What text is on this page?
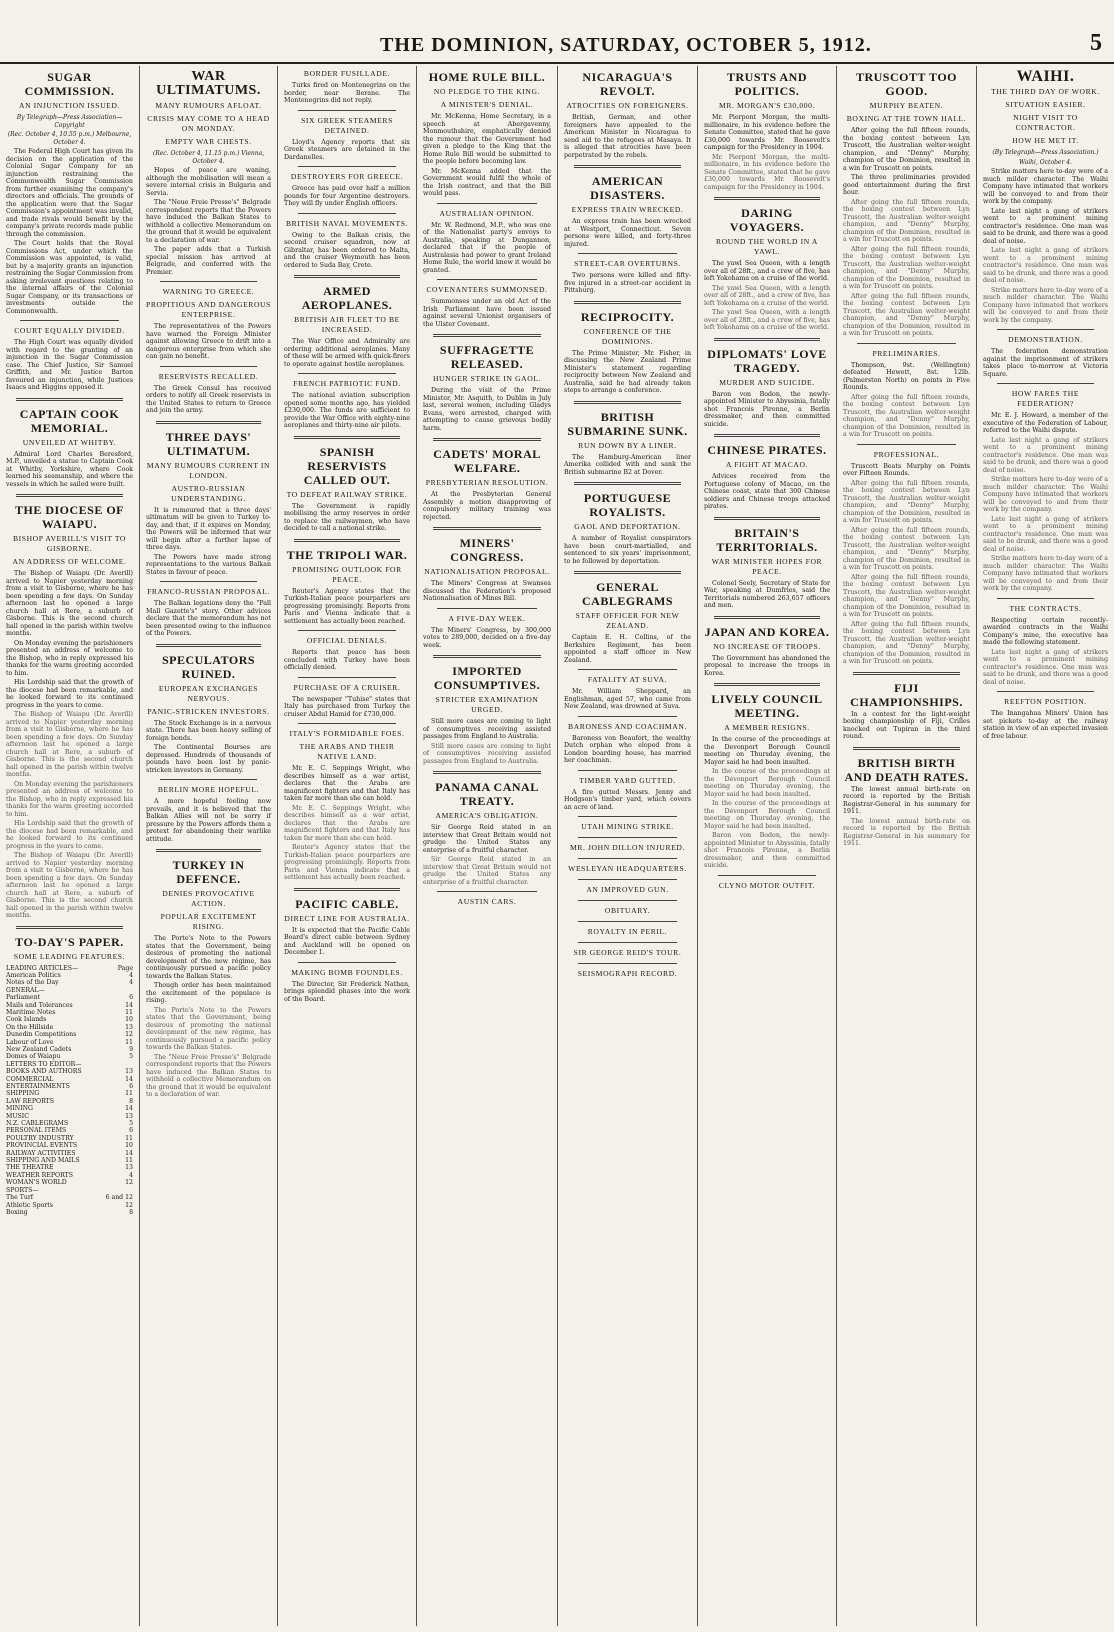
THE DOMINION, SATURDAY, OCTOBER 5, 1912.	5
SUGAR COMMISSION.
AN INJUNCTION ISSUED.
By Telegraph—Press Association—Copyright
(Rec. October 4, 10.55 p.m.) Melbourne, October 4.

The Federal High Court has given its decision on the application of the Colonial Sugar Company for an injunction restraining the Commonwealth Sugar Commission from further examining the company's directors and officials. The grounds of the application were that the Sugar Commission's appointment was invalid, and trade rivals would benefit by the company's private records made public through the commission.

The Court holds that the Royal Commissions Act, under which the Commission was appointed, is valid, but by a majority grants an injunction restraining the Sugar Commission from asking irrelevant questions relating to the internal affairs of the Colonial Sugar Company, or its transactions or investments outside the Commonwealth.

COURT EQUALLY DIVIDED.

The High Court was equally divided with regard to the granting of an injunction in the Sugar Commission case. The Chief Justice, Sir Samuel Griffith, and Mr. Justice Barton favoured an injunction, while Justices Isaacs and Higgins opposed it.

CAPTAIN COOK MEMORIAL.
UNVEILED AT WHITBY.

Admiral Lord Charles Beresford, M.P., unveiled a statue to Captain Cook at Whitby, Yorkshire, where Cook learned his seamanship, and where the vessels in which he sailed were built.

THE DIOCESE OF WAIAPU.
BISHOP AVERILL'S VISIT TO GISBORNE.
AN ADDRESS OF WELCOME.

The Bishop of Waiapu (Dr. Averill) arrived to Napier yesterday morning from a visit to Gisborne, where he has been spending a few days. On Sunday afternoon last he opened a large church hall at Rere, a suburb of Gisborne. This is the second church hall opened in the parish within twelve months.

On Monday evening the parishioners presented an address of welcome to the Bishop, who in reply expressed his thanks for the warm greeting accorded to him.

His Lordship said that the growth of the diocese had been remarkable, and he looked forward to its continued progress in the years to come.

The Bishop of Waiapu (Dr. Averill) arrived to Napier yesterday morning from a visit to Gisborne, where he has been spending a few days. On Sunday afternoon last he opened a large church hall at Rere, a suburb of Gisborne. This is the second church hall opened in the parish within twelve months.

On Monday evening the parishioners presented an address of welcome to the Bishop, who in reply expressed his thanks for the warm greeting accorded to him.

His Lordship said that the growth of the diocese had been remarkable, and he looked forward to its continued progress in the years to come.

The Bishop of Waiapu (Dr. Averill) arrived to Napier yesterday morning from a visit to Gisborne, where he has been spending a few days. On Sunday afternoon last he opened a large church hall at Rere, a suburb of Gisborne. This is the second church hall opened in the parish within twelve months.

TO-DAY'S PAPER.
SOME LEADING FEATURES.
LEADING ARTICLES—	Page
American Politics	4
Notes of the Day	4
GENERAL—
Parliament	6
Mails and Tolerances	14
Maritime Notes	11
Cook Islands	10
On the Hillside	13
Dunedin Competitions	12
Labour of Love	11
New Zealand Cadets	9
Domes of Waiapu	5
LETTERS TO EDITOR—
BOOKS AND AUTHORS	13
COMMERCIAL	14
ENTERTAINMENTS	6
SHIPPING	11
LAW REPORTS	8
MINING	14
MUSIC	13
N.Z. CABLEGRAMS	5
PERSONAL ITEMS	6
POULTRY INDUSTRY	11
PROVINCIAL EVENTS	10
RAILWAY ACTIVITIES	14
SHIPPING AND MAILS	11
THE THEATRE	13
WEATHER REPORTS	4
WOMAN'S WORLD	12
SPORTS—
The Turf	6 and 12
Athletic Sports	12
Boxing	8
WAR ULTIMATUMS.
MANY RUMOURS AFLOAT.
CRISIS MAY COME TO A HEAD ON MONDAY.
EMPTY WAR CHESTS.
(Rec. October 4, 11.15 p.m.) Vienna, October 4.

Hopes of peace are waning, although the mobilisation will mean a severe internal crisis in Bulgaria and Servia.

The "Neue Freie Presse's" Belgrade correspondent reports that the Powers have induced the Balkan States to withhold a collective Memorandum on the ground that it would be equivalent to a declaration of war.

The paper adds that a Turkish special mission has arrived at Belgrade, and conferred with the Premier.

WARNING TO GREECE.
PROPITIOUS AND DANGEROUS ENTERPRISE.

The representatives of the Powers have warned the Foreign Minister against allowing Greece to drift into a dangerous enterprise from which she can gain no benefit.

RESERVISTS RECALLED.

The Greek Consul has received orders to notify all Greek reservists in the United States to return to Greece and join the army.

THREE DAYS' ULTIMATUM.
MANY RUMOURS CURRENT IN LONDON.
AUSTRO-RUSSIAN UNDERSTANDING.

It is rumoured that a three days' ultimatum will be given to Turkey to-day, and that, if it expires on Monday, the Powers will be informed that war will begin after a further lapse of three days.

The Powers have made strong representations to the various Balkan States in favour of peace.

FRANCO-RUSSIAN PROPOSAL.

The Balkan legations deny the "Pall Mall Gazette's" story. Other advices declare that the memorandum has not been presented owing to the influence of the Powers.

SPECULATORS RUINED.
EUROPEAN EXCHANGES NERVOUS.
PANIC-STRICKEN INVESTORS.

The Stock Exchange is in a nervous state. There has been heavy selling of foreign bonds.

The Continental Bourses are depressed. Hundreds of thousands of pounds have been lost by panic-stricken investors in Germany.

BERLIN MORE HOPEFUL.

A more hopeful feeling now prevails, and it is believed that the Balkan Allies will not be sorry if pressure by the Powers affords them a pretext for abandoning their warlike attitude.

TURKEY IN DEFENCE.
DENIES PROVOCATIVE ACTION.
POPULAR EXCITEMENT RISING.

The Porte's Note to the Powers states that the Government, being desirous of promoting the national development of the new régime, has continuously pursued a pacific policy towards the Balkan States.

Though order has been maintained the excitement of the populace is rising.

The Porte's Note to the Powers states that the Government, being desirous of promoting the national development of the new régime, has continuously pursued a pacific policy towards the Balkan States.

The "Neue Freie Presse's" Belgrade correspondent reports that the Powers have induced the Balkan States to withhold a collective Memorandum on the ground that it would be equivalent to a declaration of war.

BORDER FUSILLADE.

Turks fired on Montenegrins on the border, near Berane. The Montenegrins did not reply.

SIX GREEK STEAMERS DETAINED.

Lloyd's Agency reports that six Greek steamers are detained in the Dardanelles.

DESTROYERS FOR GREECE.

Greece has paid over half a million pounds for four Argentine destroyers. They will fly under English officers.

BRITISH NAVAL MOVEMENTS.

Owing to the Balkan crisis, the second cruiser squadron, now at Gibraltar, has been ordered to Malta, and the cruiser Weymouth has been ordered to Suda Bay, Crete.

ARMED AEROPLANES.
BRITISH AIR FLEET TO BE INCREASED.

The War Office and Admiralty are ordering additional aeroplanes. Many of these will be armed with quick-firers to operate against hostile aeroplanes.

FRENCH PATRIOTIC FUND.

The national aviation subscription opened some months ago, has yielded £230,000. The funds are sufficient to provide the War Office with eighty-nine aeroplanes and thirty-nine air pilots.

SPANISH RESERVISTS CALLED OUT.
TO DEFEAT RAILWAY STRIKE.

The Government is rapidly mobilising the army reserves in order to replace the railwaymen, who have decided to call a national strike.

THE TRIPOLI WAR.
PROMISING OUTLOOK FOR PEACE.

Reuter's Agency states that the Turkish-Italian peace pourparlers are progressing promisingly. Reports from Paris and Vienna indicate that a settlement has actually been reached.

OFFICIAL DENIALS.

Reports that peace has been concluded with Turkey have been officially denied.

PURCHASE OF A CRUISER.

The newspaper "Tuhise" states that Italy has purchased from Turkey the cruiser Abdul Hamid for £730,000.

ITALY'S FORMIDABLE FOES.
THE ARABS AND THEIR NATIVE LAND.

Mr. E. C. Seppings Wright, who describes himself as a war artist, declares that the Arabs are magnificent fighters and that Italy has taken far more than she can hold.

Mr. E. C. Seppings Wright, who describes himself as a war artist, declares that the Arabs are magnificent fighters and that Italy has taken far more than she can hold.

Reuter's Agency states that the Turkish-Italian peace pourparlers are progressing promisingly. Reports from Paris and Vienna indicate that a settlement has actually been reached.

PACIFIC CABLE.
DIRECT LINE FOR AUSTRALIA.

It is expected that the Pacific Cable Board's direct cable between Sydney and Auckland will be opened on December 1.

MAKING BOMB FOUNDLES.

The Director, Sir Frederick Nathan, brings splendid phases into the work of the Board.

HOME RULE BILL.
NO PLEDGE TO THE KING.
A MINISTER'S DENIAL.

Mr. McKenna, Home Secretary, in a speech at Abergavenny, Monmouthshire, emphatically denied the rumour that the Government had given a pledge to the King that the Home Rule Bill would be submitted to the people before becoming law.

Mr. McKenna added that the Government would fulfil the whole of the Irish contract, and that the Bill would pass.

AUSTRALIAN OPINION.

Mr. W. Redmond, M.P., who was one of the Nationalist party's envoys to Australia, speaking at Dungannon, declared that if the people of Australasia had power to grant Ireland Home Rule, the world knew it would be granted.

COVENANTERS SUMMONSED.

Summonses under an old Act of the Irish Parliament have been issued against several Unionist organisers of the Ulster Covenant.

SUFFRAGETTE RELEASED.
HUNGER STRIKE IN GAOL.

During the visit of the Prime Minister, Mr. Asquith, to Dublin in July last, several women, including Gladys Evans, were arrested, charged with attempting to cause grievous bodily harm.

CADETS' MORAL WELFARE.
PRESBYTERIAN RESOLUTION.

At the Presbyterian General Assembly a motion disapproving of compulsory military training was rejected.

MINERS' CONGRESS.
NATIONALISATION PROPOSAL.

The Miners' Congress at Swansea discussed the Federation's proposed Nationalisation of Mines Bill.

A FIVE-DAY WEEK.

The Miners' Congress, by 300,000 votes to 289,000, decided on a five-day week.

IMPORTED CONSUMPTIVES.
STRICTER EXAMINATION URGED.

Still more cases are coming to light of consumptives receiving assisted passages from England to Australia.

Still more cases are coming to light of consumptives receiving assisted passages from England to Australia.

PANAMA CANAL TREATY.
AMERICA'S OBLIGATION.

Sir George Reid stated in an interview that Great Britain would not grudge the United States any enterprise of a fruitful character.

Sir George Reid stated in an interview that Great Britain would not grudge the United States any enterprise of a fruitful character.

AUSTIN CARS.
NICARAGUA'S REVOLT.
ATROCITIES ON FOREIGNERS.

British, German, and other foreigners have appealed to the American Minister in Nicaragua to send aid to the refugees at Masaya. It is alleged that atrocities have been perpetrated by the rebels.

AMERICAN DISASTERS.
EXPRESS TRAIN WRECKED.

An express train has been wrecked at Westport, Connecticut. Seven persons were killed, and forty-three injured.

STREET-CAR OVERTURNS.

Two persons were killed and fifty-five injured in a street-car accident in Pittsburg.

RECIPROCITY.
CONFERENCE OF THE DOMINIONS.

The Prime Minister, Mr. Fisher, in discussing the New Zealand Prime Minister's statement regarding reciprocity between New Zealand and Australia, said he had already taken steps to arrange a conference.

BRITISH SUBMARINE SUNK.
RUN DOWN BY A LINER.

The Hamburg-American liner Amerika collided with and sank the British submarine B2 at Dover.

PORTUGUESE ROYALISTS.
GAOL AND DEPORTATION.

A number of Royalist conspirators have been court-martialled, and sentenced to six years' imprisonment, to be followed by deportation.

GENERAL CABLEGRAMS
STAFF OFFICER FOR NEW ZEALAND.

Captain E. H. Collins, of the Berkshire Regiment, has been appointed a staff officer in New Zealand.

FATALITY AT SUVA.

Mr. William Sheppard, an Englishman, aged 57, who came from New Zealand, was drowned at Suva.

BARONESS AND COACHMAN.

Baroness von Beaufort, the wealthy Dutch orphan who eloped from a London boarding house, has married her coachman.

TIMBER YARD GUTTED.

A fire gutted Messrs. Jenny and Hodgson's timber yard, which covers an acre of land.

UTAH MINING STRIKE.
MR. JOHN DILLON INJURED.
WESLEYAN HEADQUARTERS.
AN IMPROVED GUN.
OBITUARY.
ROYALTY IN PERIL.
SIR GEORGE REID'S TOUR.
SEISMOGRAPH RECORD.
TRUSTS AND POLITICS.
MR. MORGAN'S £30,000.

Mr. Pierpont Morgan, the multi-millionaire, in his evidence before the Senate Committee, stated that he gave £30,000 towards Mr. Roosevelt's campaign for the Presidency in 1904.

Mr. Pierpont Morgan, the multi-millionaire, in his evidence before the Senate Committee, stated that he gave £30,000 towards Mr. Roosevelt's campaign for the Presidency in 1904.

DARING VOYAGERS.
ROUND THE WORLD IN A YAWL.

The yawl Sea Queen, with a length over all of 28ft., and a crew of five, has left Yokohama on a cruise of the world.

The yawl Sea Queen, with a length over all of 28ft., and a crew of five, has left Yokohama on a cruise of the world.

The yawl Sea Queen, with a length over all of 28ft., and a crew of five, has left Yokohama on a cruise of the world.

DIPLOMATS' LOVE TRAGEDY.
MURDER AND SUICIDE.

Baron von Bodon, the newly-appointed Minister to Abyssinia, fatally shot Francois Pirenne, a Berlin dressmaker, and then committed suicide.

CHINESE PIRATES.
A FIGHT AT MACAO.

Advices received from the Portuguese colony of Macao, on the Chinese coast, state that 300 Chinese soldiers and Chinese troops attacked pirates.

BRITAIN'S TERRITORIALS.
WAR MINISTER HOPES FOR PEACE.

Colonel Seely, Secretary of State for War, speaking at Dumfries, said the Territorials numbered 263,657 officers and men.

JAPAN AND KOREA.
NO INCREASE OF TROOPS.

The Government has abandoned the proposal to increase the troops in Korea.

LIVELY COUNCIL MEETING.
A MEMBER RESIGNS.

In the course of the proceedings at the Devonport Borough Council meeting on Thursday evening, the Mayor said he had been insulted.

In the course of the proceedings at the Devonport Borough Council meeting on Thursday evening, the Mayor said he had been insulted.

In the course of the proceedings at the Devonport Borough Council meeting on Thursday evening, the Mayor said he had been insulted.

Baron von Bodon, the newly-appointed Minister to Abyssinia, fatally shot Francois Pirenne, a Berlin dressmaker, and then committed suicide.

CLYNO MOTOR OUTFIT.
TRUSCOTT TOO GOOD.
MURPHY BEATEN.
BOXING AT THE TOWN HALL.

After going the full fifteen rounds, the boxing contest between Lyn Truscott, the Australian welter-weight champion, and "Denny" Murphy, champion of the Dominion, resulted in a win for Truscott on points.

The three preliminaries provided good entertainment during the first hour.

After going the full fifteen rounds, the boxing contest between Lyn Truscott, the Australian welter-weight champion, and "Denny" Murphy, champion of the Dominion, resulted in a win for Truscott on points.

After going the full fifteen rounds, the boxing contest between Lyn Truscott, the Australian welter-weight champion, and "Denny" Murphy, champion of the Dominion, resulted in a win for Truscott on points.

After going the full fifteen rounds, the boxing contest between Lyn Truscott, the Australian welter-weight champion, and "Denny" Murphy, champion of the Dominion, resulted in a win for Truscott on points.

PRELIMINARIES.

Thompson, 9st. (Wellington) defeated Hewett, 8st. 12lb. (Palmerston North) on points in Five Rounds.

After going the full fifteen rounds, the boxing contest between Lyn Truscott, the Australian welter-weight champion, and "Denny" Murphy, champion of the Dominion, resulted in a win for Truscott on points.

PROFESSIONAL.

Truscott Beats Murphy on Points over Fifteen Rounds.

After going the full fifteen rounds, the boxing contest between Lyn Truscott, the Australian welter-weight champion, and "Denny" Murphy, champion of the Dominion, resulted in a win for Truscott on points.

After going the full fifteen rounds, the boxing contest between Lyn Truscott, the Australian welter-weight champion, and "Denny" Murphy, champion of the Dominion, resulted in a win for Truscott on points.

After going the full fifteen rounds, the boxing contest between Lyn Truscott, the Australian welter-weight champion, and "Denny" Murphy, champion of the Dominion, resulted in a win for Truscott on points.

After going the full fifteen rounds, the boxing contest between Lyn Truscott, the Australian welter-weight champion, and "Denny" Murphy, champion of the Dominion, resulted in a win for Truscott on points.

FIJI CHAMPIONSHIPS.

In a contest for the light-weight boxing championship of Fiji, Crilles knocked out Tupiran in the third round.

BRITISH BIRTH AND DEATH RATES.

The lowest annual birth-rate on record is reported by the British Registrar-General in his summary for 1911.

The lowest annual birth-rate on record is reported by the British Registrar-General in his summary for 1911.

WAIHI.
THE THIRD DAY OF WORK.
SITUATION EASIER.
NIGHT VISIT TO CONTRACTOR.
HOW HE MET IT.
(By Telegraph—Press Association.)
Waihi, October 4.

Strike matters here to-day were of a much milder character. The Waihi Company have intimated that workers will be conveyed to and from their work by the company.

Late last night a gang of strikers went to a prominent mining contractor's residence. One man was said to be drunk, and there was a good deal of noise.

Late last night a gang of strikers went to a prominent mining contractor's residence. One man was said to be drunk, and there was a good deal of noise.

Strike matters here to-day were of a much milder character. The Waihi Company have intimated that workers will be conveyed to and from their work by the company.

DEMONSTRATION.

The federation demonstration against the imprisonment of strikers takes place to-morrow at Victoria Square.

HOW FARES THE FEDERATION?

Mr. E. J. Howard, a member of the executive of the Federation of Labour, referred to the Waihi dispute.

Late last night a gang of strikers went to a prominent mining contractor's residence. One man was said to be drunk, and there was a good deal of noise.

Strike matters here to-day were of a much milder character. The Waihi Company have intimated that workers will be conveyed to and from their work by the company.

Late last night a gang of strikers went to a prominent mining contractor's residence. One man was said to be drunk, and there was a good deal of noise.

Strike matters here to-day were of a much milder character. The Waihi Company have intimated that workers will be conveyed to and from their work by the company.

THE CONTRACTS.

Respecting certain recently-awarded contracts in the Waihi Company's mine, the executive has made the following statement.

Late last night a gang of strikers went to a prominent mining contractor's residence. One man was said to be drunk, and there was a good deal of noise.

REEFTON POSITION.

The Inangahua Miners' Union has set pickets to-day at the railway station in view of an expected invasion of free labour.
